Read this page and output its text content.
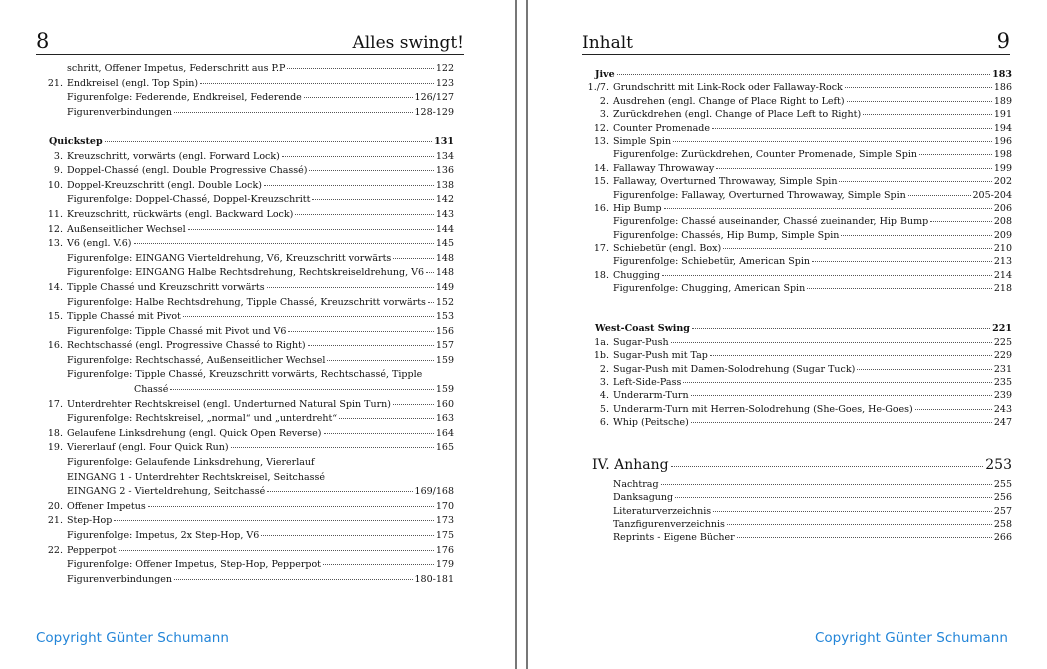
8	Alles swingt!
schritt, Offener Impetus, Federschritt aus P.P	122
21. Endkreisel (engl. Top Spin)	123
Figurenfolge: Federende, Endkreisel, Federende	126/127
Figurenverbindungen	128-129
Quickstep	131
3. Kreuzschritt, vorwärts (engl. Forward Lock)	134
9. Doppel-Chassé (engl. Double Progressive Chassé)	136
10. Doppel-Kreuzschritt (engl. Double Lock)	138
Figurenfolge: Doppel-Chassé, Doppel-Kreuzschritt	142
11. Kreuzschritt, rückwärts (engl. Backward Lock)	143
12. Außenseitlicher Wechsel	144
13. V6 (engl. V.6)	145
Figurenfolge: EINGANG Vierteldrehung, V6, Kreuzschritt vorwärts	148
Figurenfolge: EINGANG Halbe Rechtsdrehung, Rechtskreiseldrehung, V6 148
14. Tipple Chassé und Kreuzschritt vorwärts	149
Figurenfolge: Halbe Rechtsdrehung, Tipple Chassé, Kreuzschritt vorwärts 152
15. Tipple Chassé mit Pivot	153
Figurenfolge: Tipple Chassé mit Pivot und V6	156
16. Rechtschassé (engl. Progressive Chassé to Right)	157
Figurenfolge: Rechtschassé, Außenseitlicher Wechsel	159
Figurenfolge: Tipple Chassé, Kreuzschritt vorwärts, Rechtschassé, Tipple
Chassé	159
17. Unterdrehter Rechtskreisel (engl. Underturned Natural Spin Turn)	160
Figurenfolge: Rechtskreisel, „normal“ und „unterdreht“	163
18. Gelaufene Linksdrehung (engl. Quick Open Reverse)	164
19. Viererlauf (engl. Four Quick Run)	165
Figurenfolge: Gelaufende Linksdrehung, Viererlauf
EINGANG 1 - Unterdrehter Rechtskreisel, Seitchassé
EINGANG 2 - Vierteldrehung, Seitchassé	169/168
20. Offener Impetus	170
21. Step-Hop	173
Figurenfolge: Impetus, 2x Step-Hop, V6	175
22. Pepperpot	176
Figurenfolge: Offener Impetus, Step-Hop, Pepperpot	179
Figurenverbindungen	180-181
Copyright Günter Schumann
Inhalt	9
Jive	183
1./7. Grundschritt mit Link-Rock oder Fallaway-Rock	186
2. Ausdrehen (engl. Change of Place Right to Left)	189
3. Zurückdrehen (engl. Change of Place Left to Right)	191
12. Counter Promenade	194
13. Simple Spin	196
Figurenfolge: Zurückdrehen, Counter Promenade, Simple Spin	198
14. Fallaway Throwaway	199
15. Fallaway, Overturned Throwaway, Simple Spin	202
Figurenfolge: Fallaway, Overturned Throwaway, Simple Spin	205-204
16. Hip Bump	206
Figurenfolge: Chassé auseinander, Chassé zueinander, Hip Bump	208
Figurenfolge: Chassés, Hip Bump, Simple Spin	209
17. Schiebetür (engl. Box)	210
Figurenfolge: Schiebetür, American Spin	213
18. Chugging	214
Figurenfolge: Chugging, American Spin	218
West-Coast Swing	221
1a. Sugar-Push	225
1b. Sugar-Push mit Tap	229
2. Sugar-Push mit Damen-Solodrehung (Sugar Tuck)	231
3. Left-Side-Pass	235
4. Underarm-Turn	239
5. Underarm-Turn mit Herren-Solodrehung (She-Goes, He-Goes)	243
6. Whip (Peitsche)	247
IV. Anhang	253
Nachtrag	255
Danksagung	256
Literaturverzeichnis	257
Tanzfigurenverzeichnis	258
Reprints - Eigene Bücher	266
Copyright Günter Schumann
